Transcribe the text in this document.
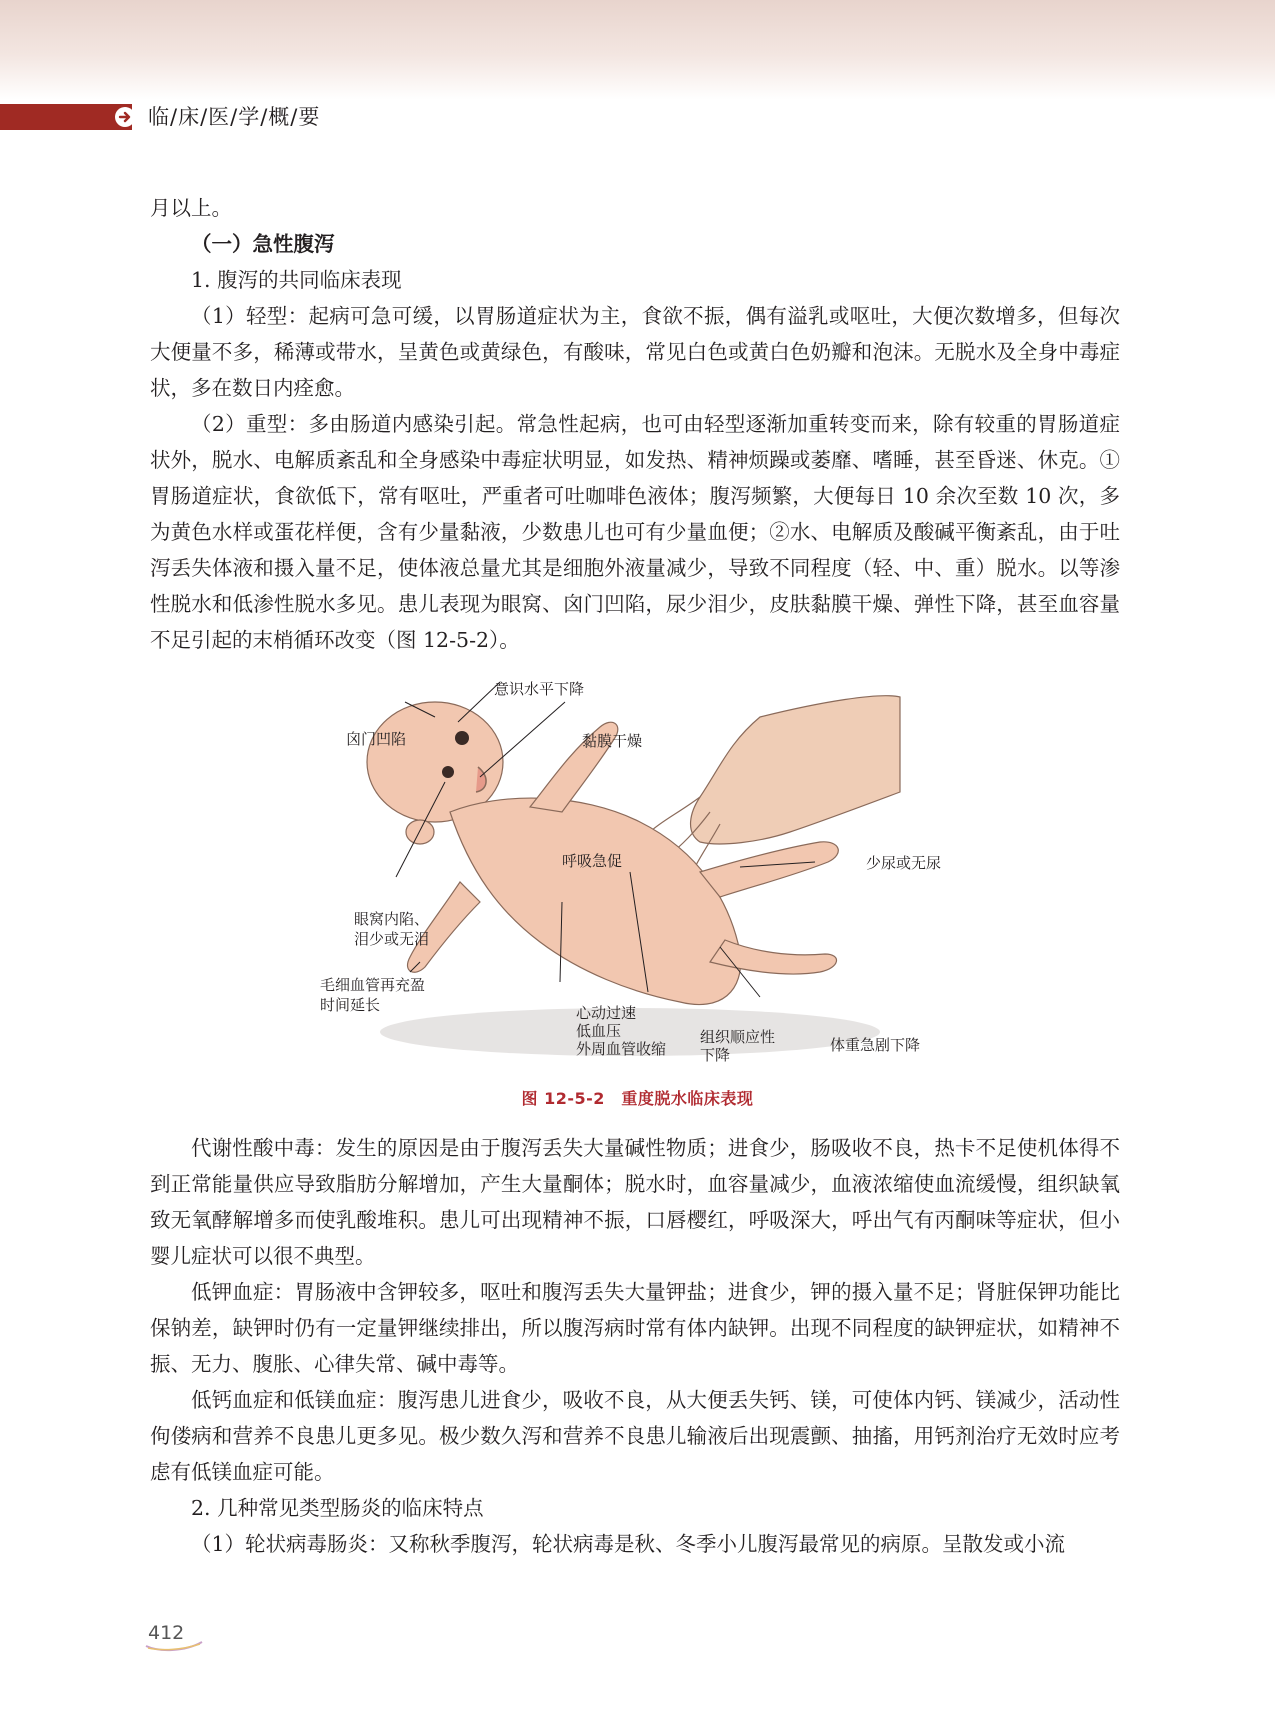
临/床/医/学/概/要

月以上。

（一）急性腹泻

1. 腹泻的共同临床表现

（1）轻型：起病可急可缓，以胃肠道症状为主，食欲不振，偶有溢乳或呕吐，大便次数增多，但每次大便量不多，稀薄或带水，呈黄色或黄绿色，有酸味，常见白色或黄白色奶瓣和泡沫。无脱水及全身中毒症状，多在数日内痊愈。

（2）重型：多由肠道内感染引起。常急性起病，也可由轻型逐渐加重转变而来，除有较重的胃肠道症状外，脱水、电解质紊乱和全身感染中毒症状明显，如发热、精神烦躁或萎靡、嗜睡，甚至昏迷、休克。①胃肠道症状，食欲低下，常有呕吐，严重者可吐咖啡色液体；腹泻频繁，大便每日 10 余次至数 10 次，多为黄色水样或蛋花样便，含有少量黏液，少数患儿也可有少量血便；②水、电解质及酸碱平衡紊乱，由于吐泻丢失体液和摄入量不足，使体液总量尤其是细胞外液量减少，导致不同程度（轻、中、重）脱水。以等渗性脱水和低渗性脱水多见。患儿表现为眼窝、囟门凹陷，尿少泪少，皮肤黏膜干燥、弹性下降，甚至血容量不足引起的末梢循环改变（图 12-5-2）。

意识水平下降
囟门凹陷	黏膜干燥
呼吸急促	少尿或无尿
眼窝内陷、
泪少或无泪
毛细血管再充盈
时间延长	心动过速
低血压
外周血管收缩
组织顺应性
下降
体重急剧下降
图 12-5-2　重度脱水临床表现

代谢性酸中毒：发生的原因是由于腹泻丢失大量碱性物质；进食少，肠吸收不良，热卡不足使机体得不到正常能量供应导致脂肪分解增加，产生大量酮体；脱水时，血容量减少，血液浓缩使血流缓慢，组织缺氧致无氧酵解增多而使乳酸堆积。患儿可出现精神不振，口唇樱红，呼吸深大，呼出气有丙酮味等症状，但小婴儿症状可以很不典型。

低钾血症：胃肠液中含钾较多，呕吐和腹泻丢失大量钾盐；进食少，钾的摄入量不足；肾脏保钾功能比保钠差，缺钾时仍有一定量钾继续排出，所以腹泻病时常有体内缺钾。出现不同程度的缺钾症状，如精神不振、无力、腹胀、心律失常、碱中毒等。

低钙血症和低镁血症：腹泻患儿进食少，吸收不良，从大便丢失钙、镁，可使体内钙、镁减少，活动性佝偻病和营养不良患儿更多见。极少数久泻和营养不良患儿输液后出现震颤、抽搐，用钙剂治疗无效时应考虑有低镁血症可能。

2. 几种常见类型肠炎的临床特点

（1）轮状病毒肠炎：又称秋季腹泻，轮状病毒是秋、冬季小儿腹泻最常见的病原。呈散发或小流

412
